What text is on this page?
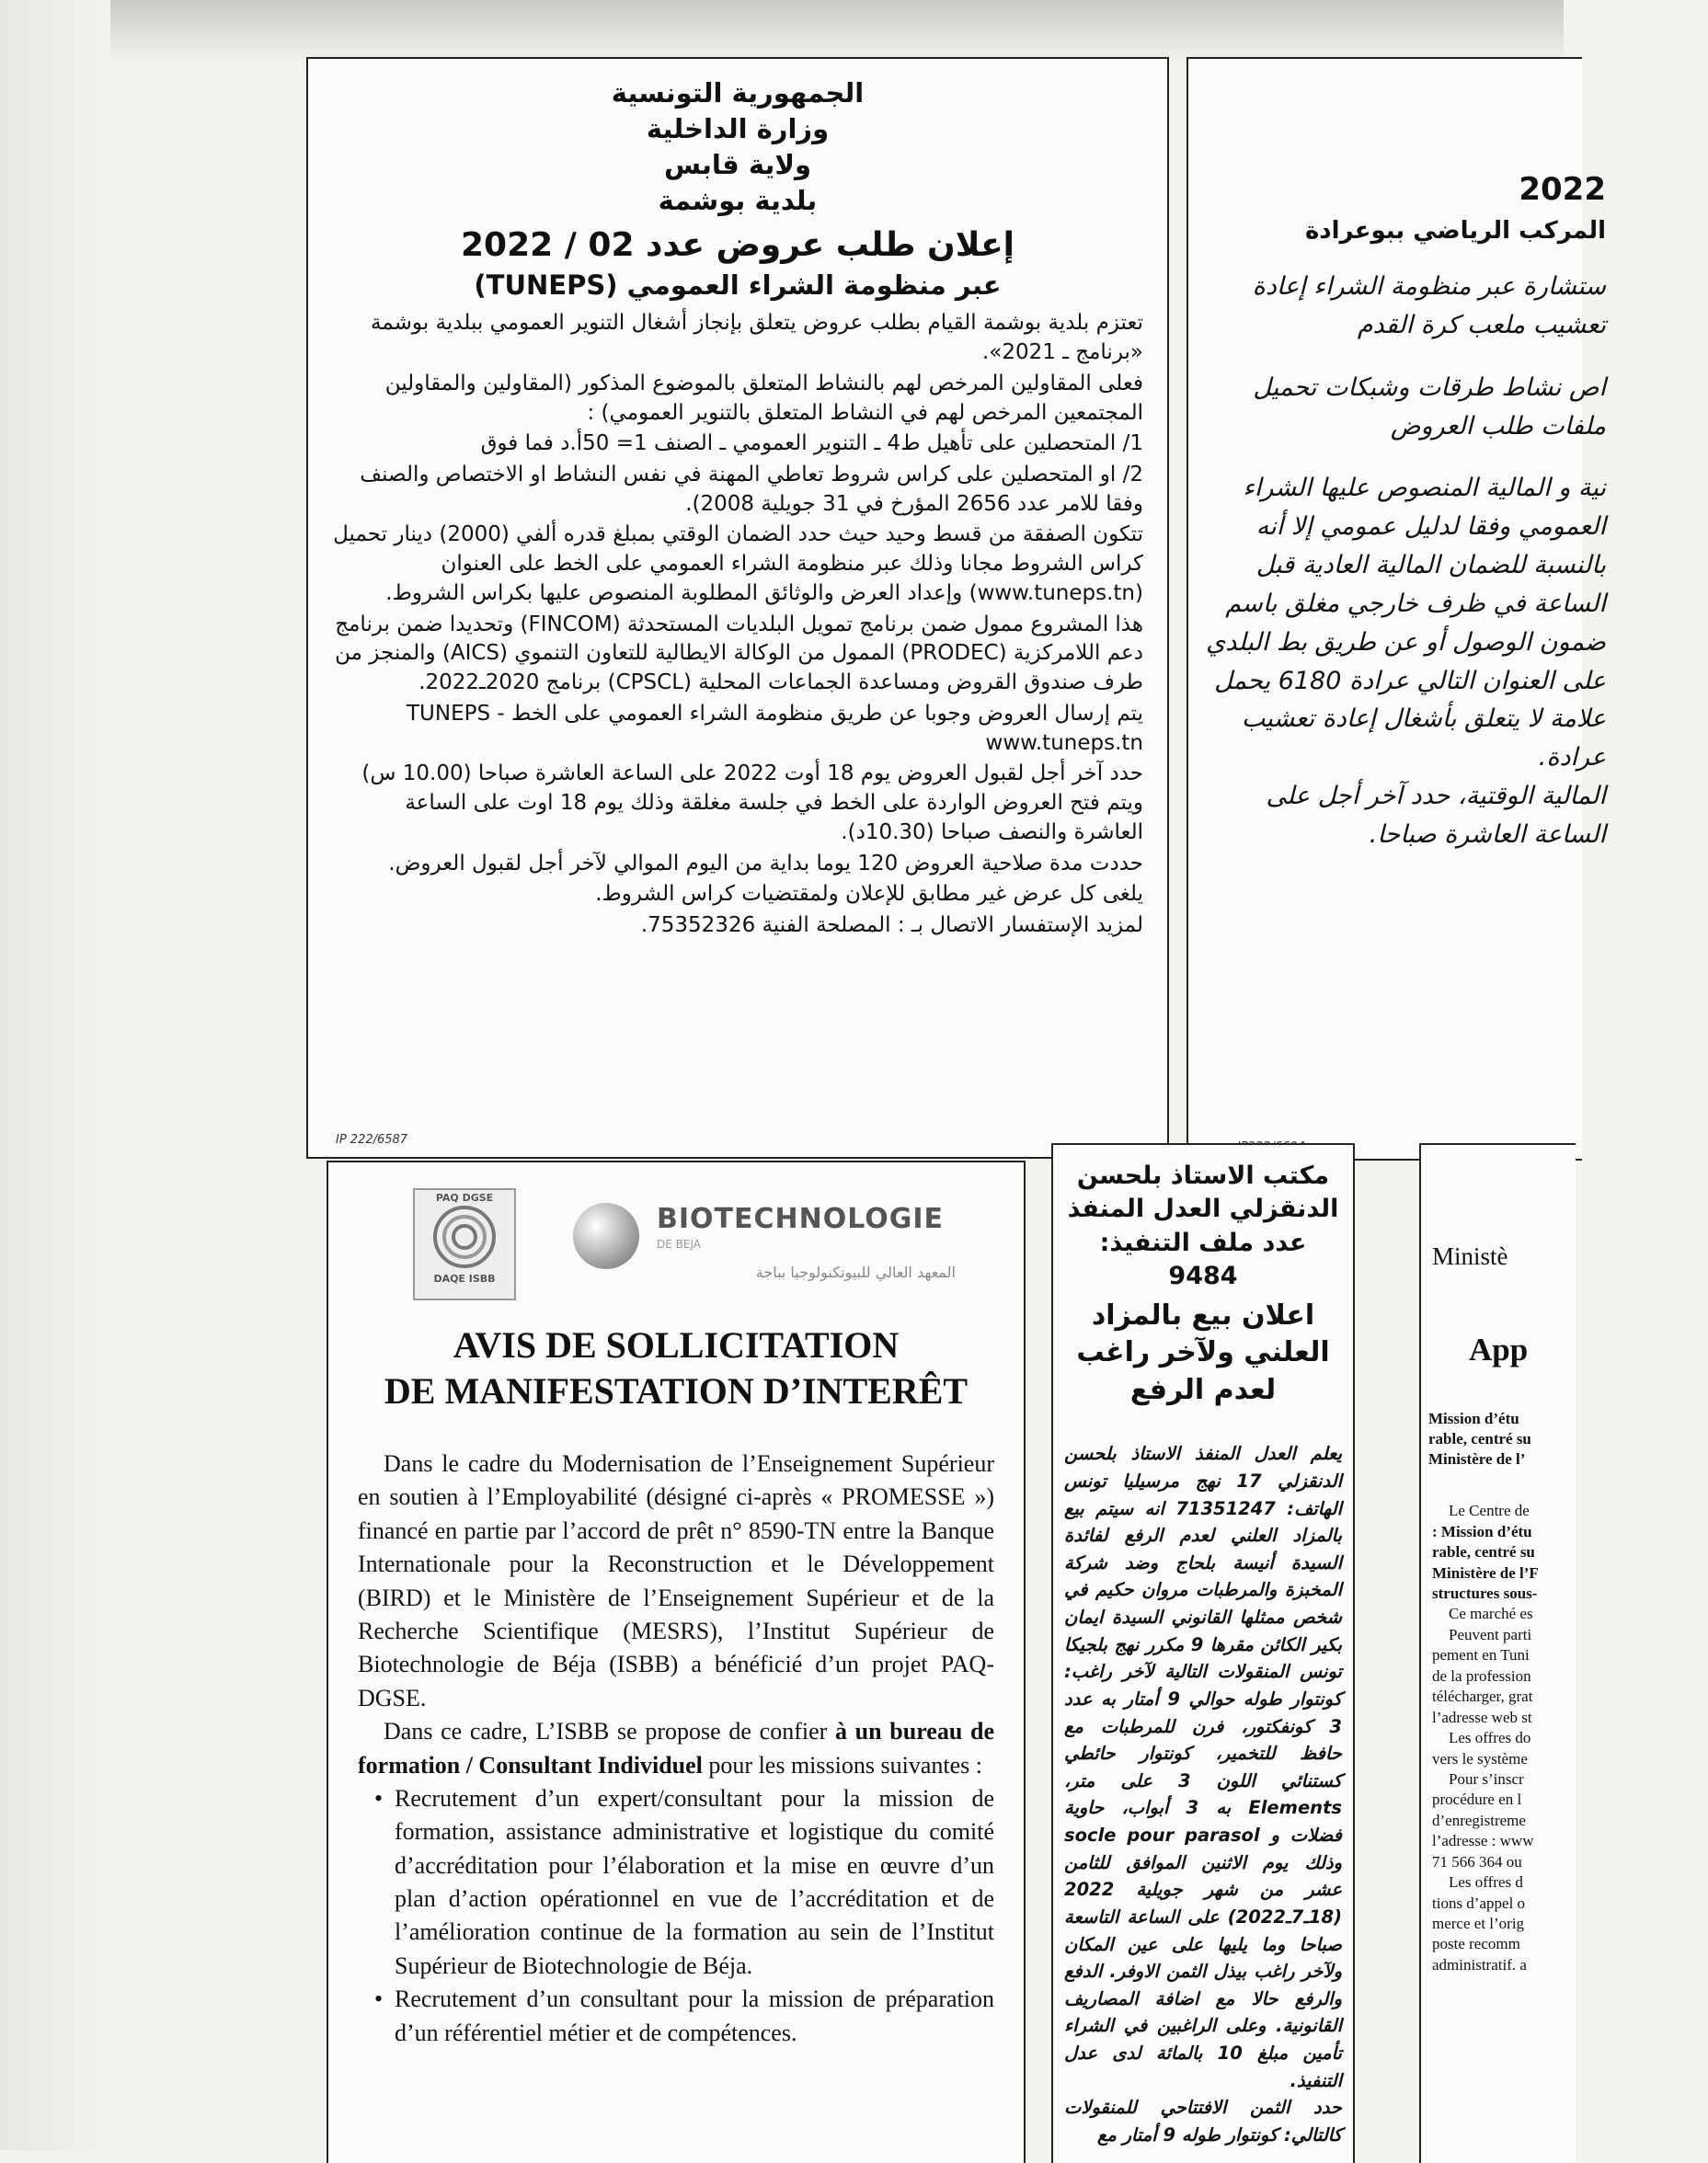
الجمهورية التونسية

وزارة الداخلية

ولاية قابس

بلدية بوشمة

إعلان طلب عروض عدد 02 / 2022

عبر منظومة الشراء العمومي (TUNEPS)

تعتزم بلدية بوشمة القيام بطلب عروض يتعلق بإنجاز أشغال التنوير العمومي ببلدية بوشمة «برنامج ـ 2021».

فعلى المقاولين المرخص لهم بالنشاط المتعلق بالموضوع المذكور (المقاولين والمقاولين المجتمعين المرخص لهم في النشاط المتعلق بالتنوير العمومي) :

1/ المتحصلين على تأهيل ط4 ـ التنوير العمومي ـ الصنف 1= 50أ.د فما فوق

2/ او المتحصلين على كراس شروط تعاطي المهنة في نفس النشاط او الاختصاص والصنف وفقا للامر عدد 2656 المؤرخ في 31 جويلية 2008).

تتكون الصفقة من قسط وحيد حيث حدد الضمان الوقتي بمبلغ قدره ألفي (2000) دينار تحميل كراس الشروط مجانا وذلك عبر منظومة الشراء العمومي على الخط على العنوان (www.tuneps.tn) وإعداد العرض والوثائق المطلوبة المنصوص عليها بكراس الشروط.

هذا المشروع ممول ضمن برنامج تمويل البلديات المستحدثة (FINCOM) وتحديدا ضمن برنامج دعم اللامركزية (PRODEC) الممول من الوكالة الايطالية للتعاون التنموي (AICS) والمنجز من طرف صندوق القروض ومساعدة الجماعات المحلية (CPSCL) برنامج 2020ـ2022.

يتم إرسال العروض وجوبا عن طريق منظومة الشراء العمومي على الخط TUNEPS - www.tuneps.tn

حدد آخر أجل لقبول العروض يوم 18 أوت 2022 على الساعة العاشرة صباحا (10.00 س) ويتم فتح العروض الواردة على الخط في جلسة مغلقة وذلك يوم 18 اوت على الساعة العاشرة والنصف صباحا (10.30د).

حددت مدة صلاحية العروض 120 يوما بداية من اليوم الموالي لآخر أجل لقبول العروض.

يلغى كل عرض غير مطابق للإعلان ولمقتضيات كراس الشروط.

لمزيد الإستفسار الاتصال بـ : المصلحة الفنية 75352326.

IP 222/6587

2022

المركب الرياضي ببوعرادة

ستشارة عبر منظومة الشراء إعادة تعشيب ملعب كرة القدم

اص نشاط طرقات وشبكات تحميل ملفات طلب العروض

نية و المالية المنصوص عليها الشراء العمومي وفقا لدليل عمومي إلا أنه بالنسبة للضمان المالية العادية قبل الساعة في ظرف خارجي مغلق باسم ضمون الوصول أو عن طريق بط البلدي على العنوان التالي عرادة 6180 يحمل علامة لا يتعلق بأشغال إعادة تعشيب عرادة.

المالية الوقتية، حدد آخر أجل على الساعة العاشرة صباحا.

PAQ DGSE
DAQE ISBB
BIOTECHNOLOGIE
DE BEJA
المعهد العالي للبيوتكنولوجيا بباجة

AVIS DE SOLLICITATION

DE MANIFESTATION D’INTERÊT

Dans le cadre du Modernisation de l’Enseignement Supérieur en soutien à l’Employabilité (désigné ci-après « PROMESSE ») financé en partie par l’accord de prêt n° 8590-TN entre la Banque Internationale pour la Reconstruction et le Développement (BIRD) et le Ministère de l’Enseignement Supérieur et de la Recherche Scientifique (MESRS), l’Institut Supérieur de Biotechnologie de Béja (ISBB) a bénéficié d’un projet PAQ-DGSE.

Dans ce cadre, L’ISBB se propose de confier à un bureau de formation / Consultant Individuel pour les missions suivantes :

• Recrutement d’un expert/consultant pour la mission de formation, assistance administrative et logistique du comité d’accréditation pour l’élaboration et la mise en œuvre d’un plan d’action opérationnel en vue de l’accréditation et de l’amélioration continue de la formation au sein de l’Institut Supérieur de Biotechnologie de Béja.
• Recrutement d’un consultant pour la mission de préparation d’un référentiel métier et de compétences.

مكتب الاستاذ بلحسن

الدنقزلي العدل المنفذ

عدد ملف التنفيذ: 9484

اعلان بيع بالمزاد العلني ولآخر راغب لعدم الرفع

يعلم العدل المنفذ الاستاذ بلحسن الدنقزلي 17 نهج مرسيليا تونس الهاتف: 71351247 انه سيتم بيع بالمزاد العلني لعدم الرفع لفائدة السيدة أنيسة بلحاج وضد شركة المخبزة والمرطبات مروان حكيم في شخص ممثلها القانوني السيدة ايمان بكير الكائن مقرها 9 مكرر نهج بلجيكا تونس المنقولات التالية لآخر راغب: كونتوار طوله حوالي 9 أمتار به عدد 3 كونفكتور، فرن للمرطبات مع حافظ للتخمير، كونتوار حائطي كستنائي اللون 3 على متر، Elements به 3 أبواب، حاوية فضلات و socle pour parasol وذلك يوم الاثنين الموافق للثامن عشر من شهر جويلية 2022 (18ـ7ـ2022) على الساعة التاسعة صباحا وما يليها على عين المكان ولآخر راغب بيذل الثمن الاوفر. الدفع والرفع حالا مع اضافة المصاريف القانونية. وعلى الراغبين في الشراء تأمين مبلغ 10 بالمائة لدى عدل التنفيذ.

حدد الثمن الافتتاحي للمنقولات كالتالي: كونتوار طوله 9 أمتار مع

Ministè

App

Mission d’étu

rable, centré su

Ministère de l’

Le Centre de

: Mission d’étu

rable, centré su

Ministère de l’F

structures sous-

Ce marché es

Peuvent parti

pement en Tuni

de la profession

télécharger, grat

l’adresse web st

Les offres do

vers le système

Pour s’inscr

procédure en l

d’enregistreme

l’adresse : www

71 566 364 ou

Les offres d

tions d’appel o

merce et l’orig

poste recomm

administratif. a
